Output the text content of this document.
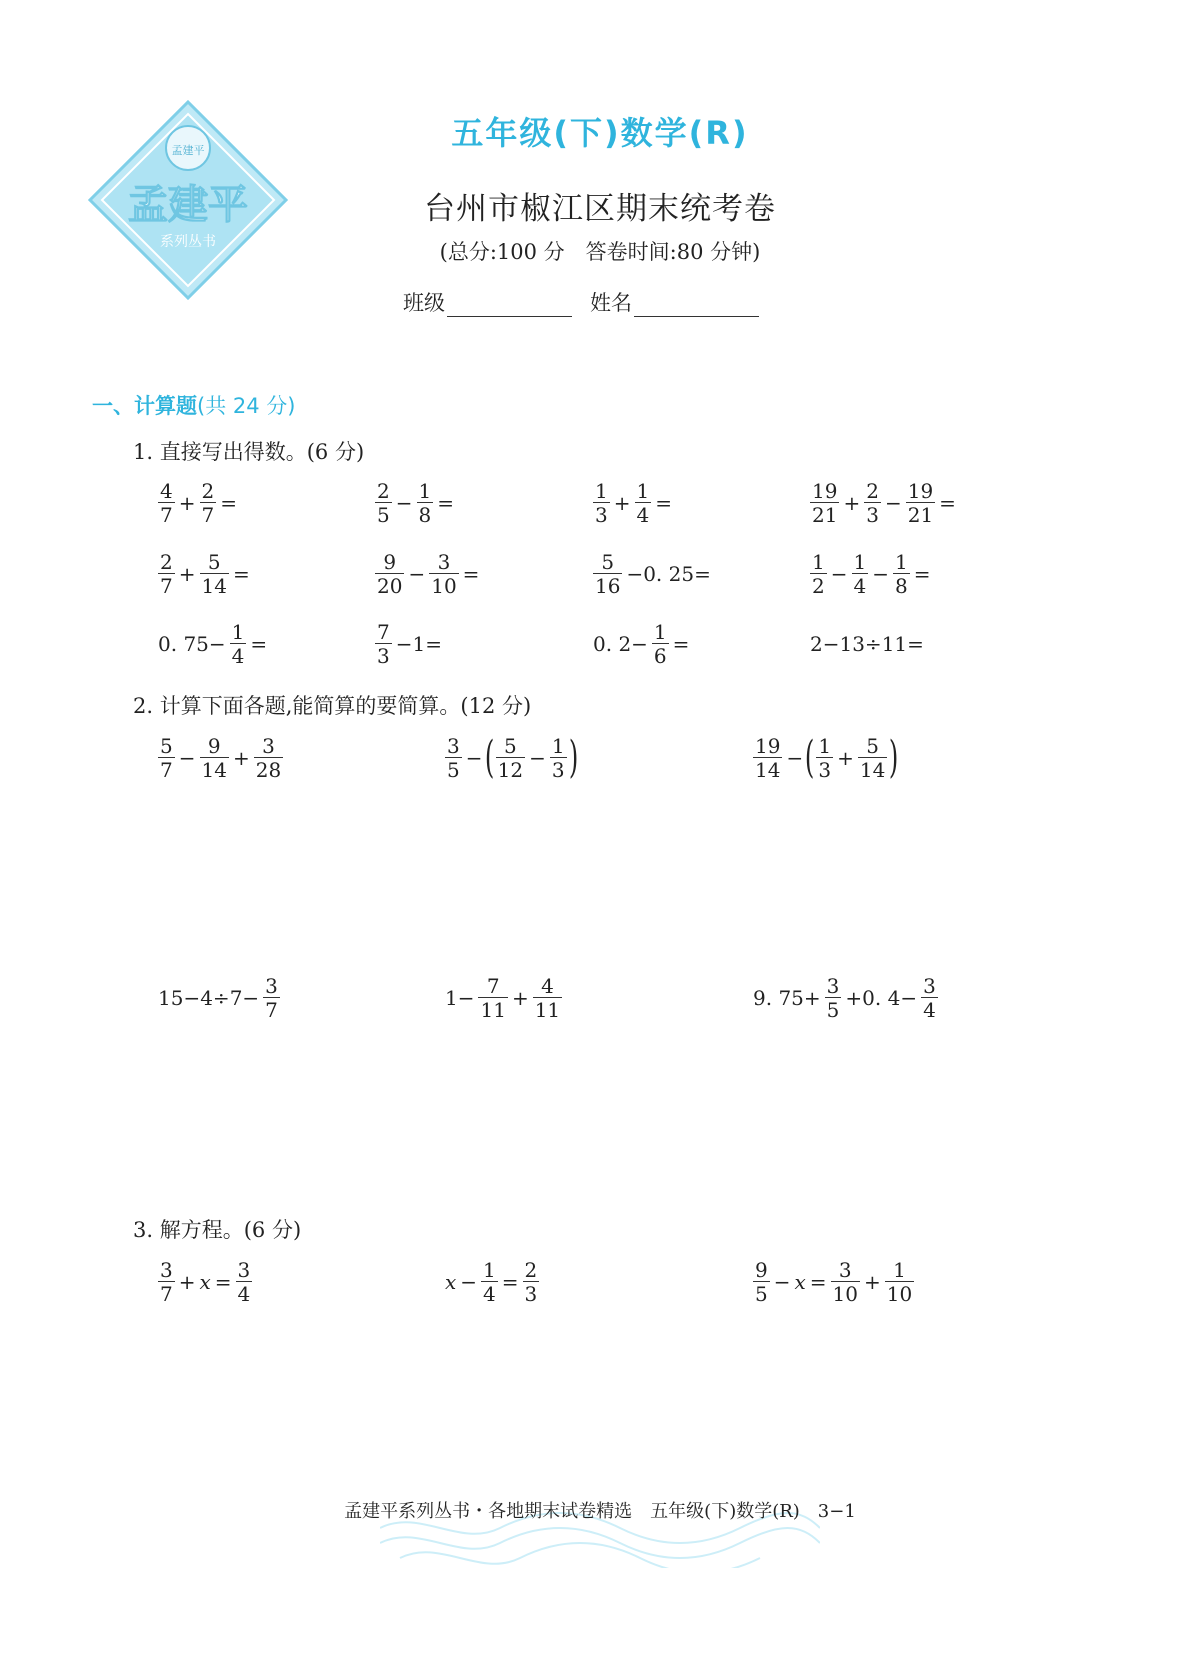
孟建平
孟建平
系列丛书
五年级(下)数学(R)
台州市椒江区期末统考卷
(总分:100 分　答卷时间:80 分钟)
班级	姓名
一、计算题(共 24 分)
1. 直接写出得数。(6 分)
2. 计算下面各题,能简算的要简算。(12 分)
3. 解方程。(6 分)
$\frac{4}{7} + \frac{2}{7}$ =	$\frac{2}{5} - \frac{1}{8}$ =	$\frac{1}{3} + \frac{1}{4}$ =	$\frac{19}{21} + \frac{2}{3} - \frac{19}{21}$ =
$\frac{2}{7} + \frac{5}{14}$ =	$\frac{9}{20} - \frac{3}{10}$ =	$\frac{5}{16} -0$. 25=	$\frac{1}{2} - \frac{1}{4} - \frac{1}{8}$ =
0. $75- \frac{1}{4}$ =	$\frac{7}{3} -1=$	0. $2- \frac{1}{6}$ =	2−13÷11=
$\frac{5}{7} - \frac{9}{14} + \frac{3}{28}$	$\frac{3}{5}$ − ( $\frac{5}{12} - \frac{1}{3}$ )	$\frac{19}{14}$ − ( $\frac{1}{3} + \frac{5}{14}$ )
$15-4\div 7- \frac{3}{7}$	$1- \frac{7}{11} + \frac{4}{11}$	9. $75+ \frac{3}{5} +0$. $4- \frac{3}{4}$
$\frac{3}{7} + x = \frac{3}{4}$	$x - \frac{1}{4} = \frac{2}{3}$	$\frac{9}{5} - x = \frac{3}{10} + \frac{1}{10}$
孟建平系列丛书・各地期末试卷精选　五年级(下)数学(R)　3−1
